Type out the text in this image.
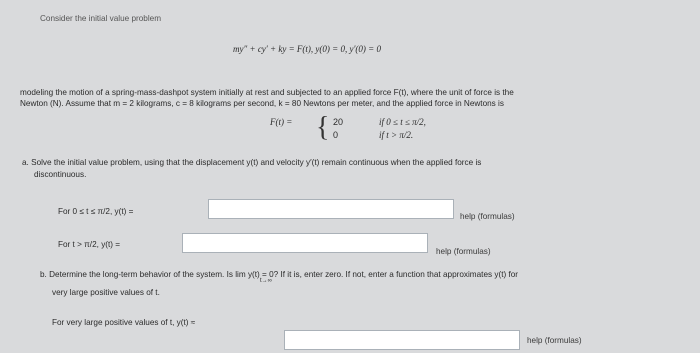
Consider the initial value problem
my″ + cy′ + ky = F(t), y(0) = 0, y′(0) = 0
modeling the motion of a spring-mass-dashpot system initially at rest and subjected to an applied force F(t), where the unit of force is the
Newton (N). Assume that m = 2 kilograms, c = 8 kilograms per second, k = 80 Newtons per meter, and the applied force in Newtons is
F(t) = { 20
0
if 0 ≤ t ≤ π/2,
if t > π/2.
a. Solve the initial value problem, using that the displacement y(t) and velocity y′(t) remain continuous when the applied force is
discontinuous.
For 0 ≤ t ≤ π/2, y(t) =
help (formulas)
For t > π/2, y(t) =
help (formulas)
b. Determine the long-term behavior of the system. Is lim y(t) = 0? If it is, enter zero. If not, enter a function that approximates y(t) for
t→∞
very large positive values of t.
For very large positive values of t, y(t) ≈
help (formulas)
